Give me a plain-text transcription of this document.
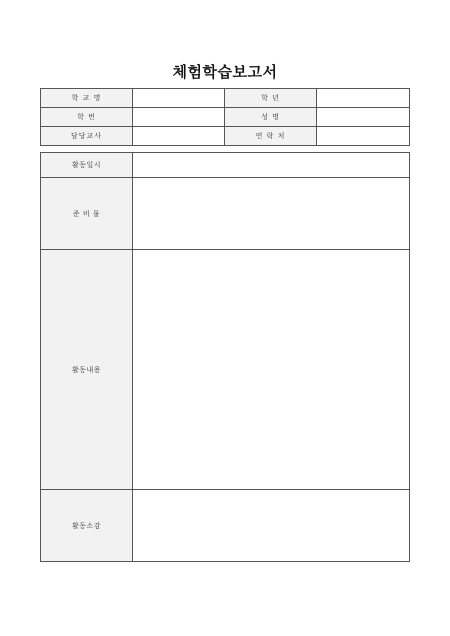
체험학습보고서
학 교 명		학 년	
학 번		성 명	
담당교사		연 락 처	
활동일시	
준 비 물	
활동내용	
활동소감	
